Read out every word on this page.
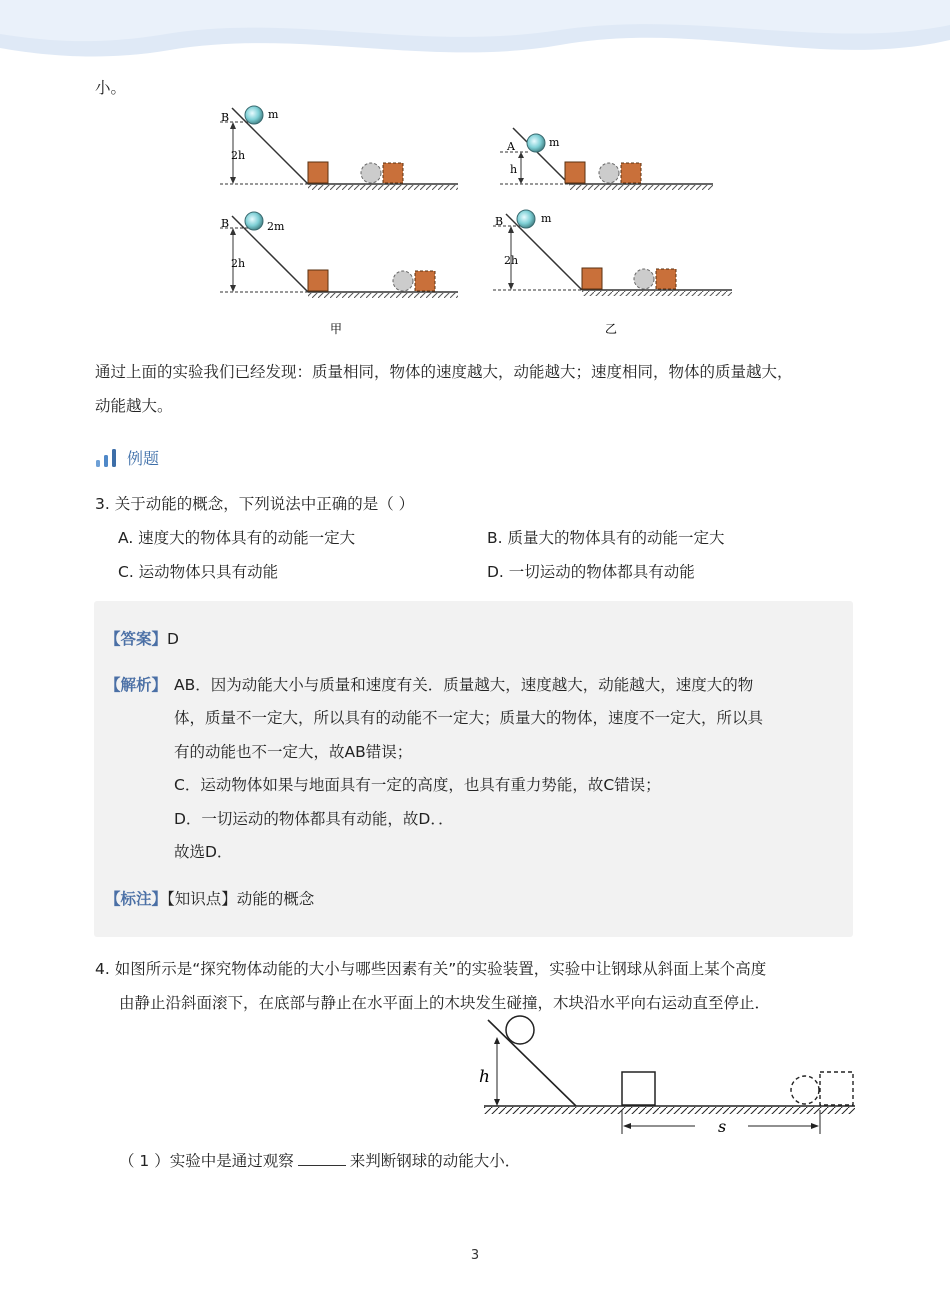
小。
B	m
2h
A	m
h
B	2m
2h
B	m
2h
甲	乙
通过上面的实验我们已经发现：质量相同，物体的速度越大，动能越大；速度相同，物体的质量越大，
动能越大。
例题
3. 关于动能的概念，下列说法中正确的是（ ）
A. 速度大的物体具有的动能一定大	B. 质量大的物体具有的动能一定大
C. 运动物体只具有动能	D. 一切运动的物体都具有动能
【答案】D
【解析】 AB．因为动能大小与质量和速度有关．质量越大，速度越大，动能越大，速度大的物
体，质量不一定大，所以具有的动能不一定大；质量大的物体，速度不一定大，所以具
有的动能也不一定大，故AB错误；
C．运动物体如果与地面具有一定的高度，也具有重力势能，故C错误；
D．一切运动的物体都具有动能，故D．．
故选D．
【标注】【知识点】动能的概念
4. 如图所示是“探究物体动能的大小与哪些因素有关”的实验装置，实验中让钢球从斜面上某个高度
由静止沿斜面滚下，在底部与静止在水平面上的木块发生碰撞，木块沿水平向右运动直至停止．
h
s
（ 1 ）实验中是通过观察	来判断钢球的动能大小．
3
